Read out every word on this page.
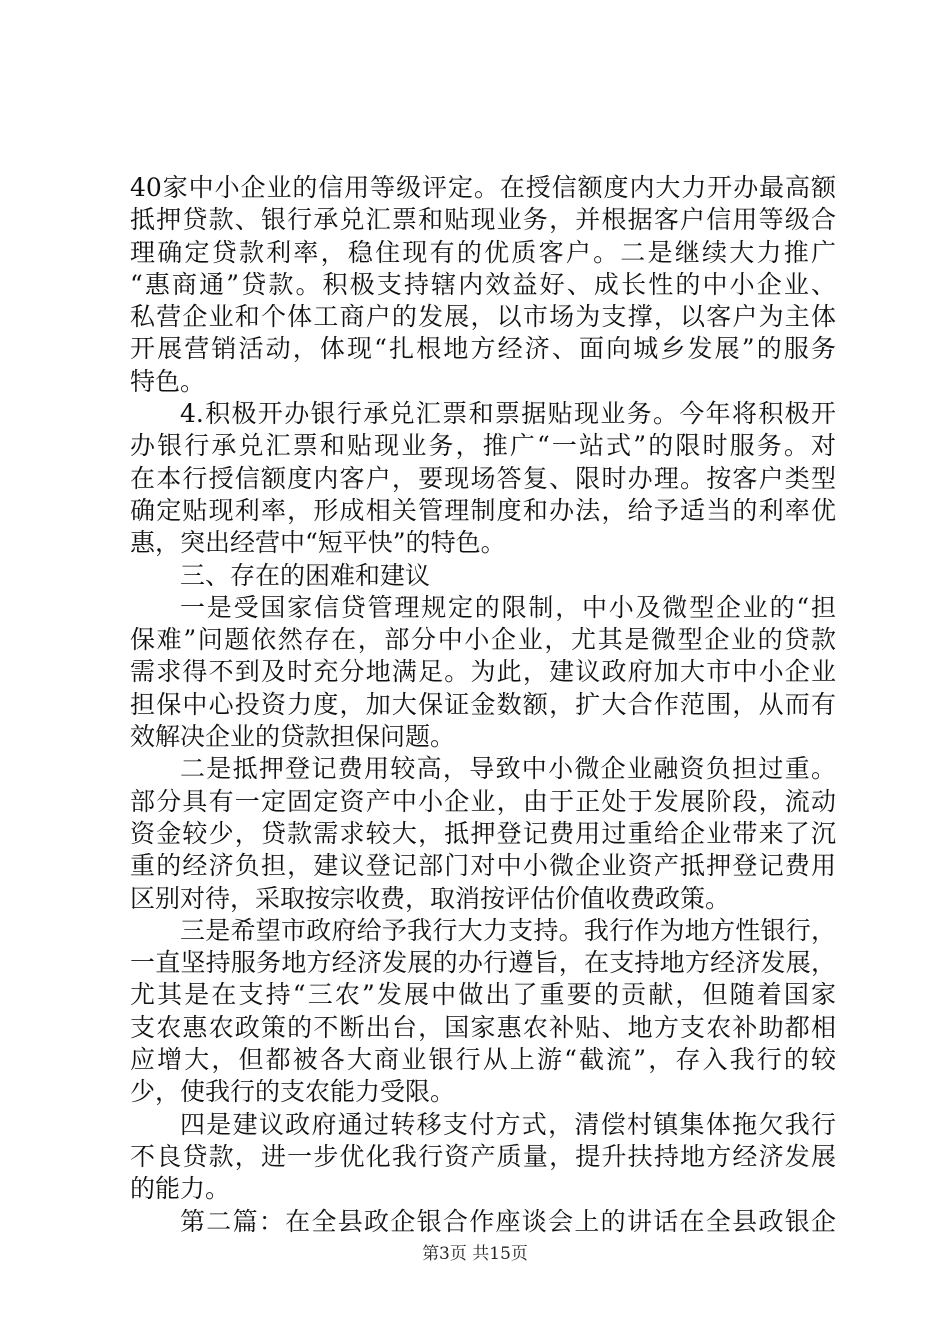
40家中小企业的信用等级评定。在授信额度内大力开办最高额
抵押贷款、银行承兑汇票和贴现业务，并根据客户信用等级合
理确定贷款利率，稳住现有的优质客户。二是继续大力推广
“惠商通”贷款。积极支持辖内效益好、成长性的中小企业、
私营企业和个体工商户的发展，以市场为支撑，以客户为主体
开展营销活动，体现“扎根地方经济、面向城乡发展”的服务
特色。
4.积极开办银行承兑汇票和票据贴现业务。今年将积极开
办银行承兑汇票和贴现业务，推广“一站式”的限时服务。对
在本行授信额度内客户，要现场答复、限时办理。按客户类型
确定贴现利率，形成相关管理制度和办法，给予适当的利率优
惠，突出经营中“短平快”的特色。
三、存在的困难和建议
一是受国家信贷管理规定的限制，中小及微型企业的“担
保难”问题依然存在，部分中小企业，尤其是微型企业的贷款
需求得不到及时充分地满足。为此，建议政府加大市中小企业
担保中心投资力度，加大保证金数额，扩大合作范围，从而有
效解决企业的贷款担保问题。
二是抵押登记费用较高，导致中小微企业融资负担过重。
部分具有一定固定资产中小企业，由于正处于发展阶段，流动
资金较少，贷款需求较大，抵押登记费用过重给企业带来了沉
重的经济负担，建议登记部门对中小微企业资产抵押登记费用
区别对待，采取按宗收费，取消按评估价值收费政策。
三是希望市政府给予我行大力支持。我行作为地方性银行，
一直坚持服务地方经济发展的办行遵旨，在支持地方经济发展，
尤其是在支持“三农”发展中做出了重要的贡献，但随着国家
支农惠农政策的不断出台，国家惠农补贴、地方支农补助都相
应增大，但都被各大商业银行从上游“截流”，存入我行的较
少，使我行的支农能力受限。
四是建议政府通过转移支付方式，清偿村镇集体拖欠我行
不良贷款，进一步优化我行资产质量，提升扶持地方经济发展
的能力。
第二篇：在全县政企银合作座谈会上的讲话在全县政银企
第3页 共15页
